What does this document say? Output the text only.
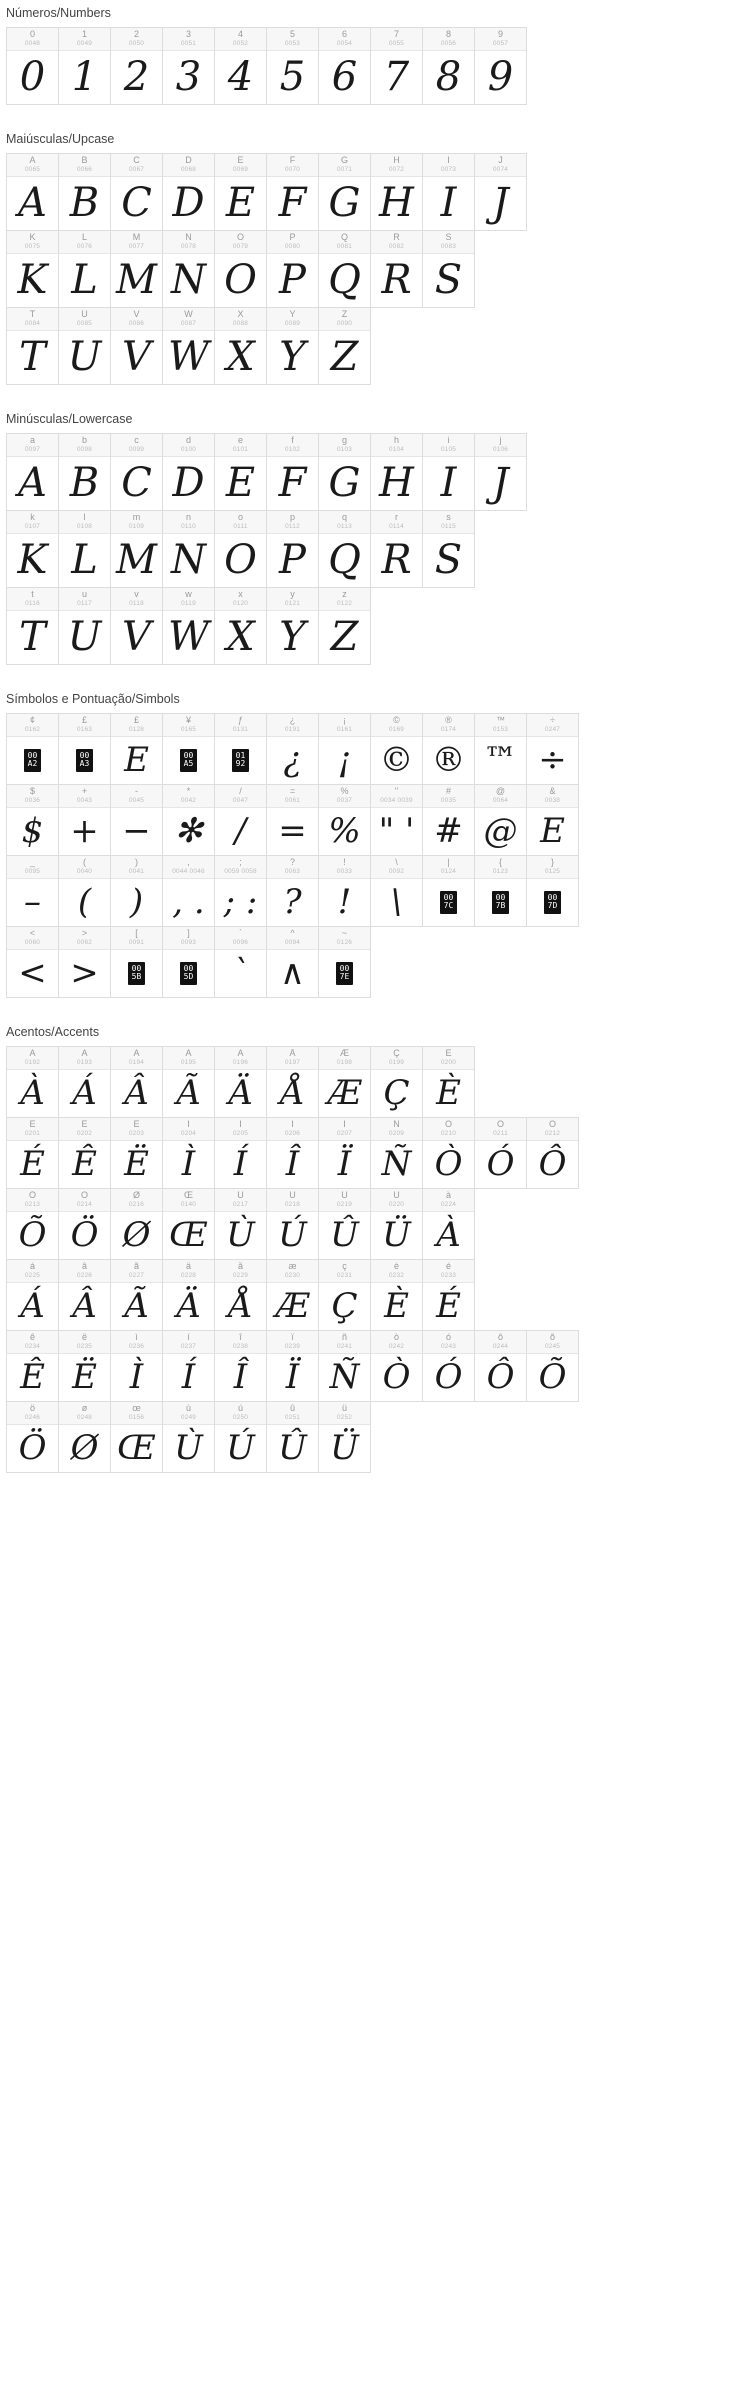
Números/Numbers
0
0048
0
1
0049
1
2
0050
2
3
0051
3
4
0052
4
5
0053
5
6
0054
6
7
0055
7
8
0056
8
9
0057
9
Maiúsculas/Upcase
A
0065
A
B
0066
B
C
0067
C
D
0068
D
E
0069
E
F
0070
F
G
0071
G
H
0072
H
I
0073
I
J
0074
J
K
0075
K
L
0076
L
M
0077
M
N
0078
N
O
0079
O
P
0080
P
Q
0081
Q
R
0082
R
S
0083
S
T
0084
T
U
0085
U
V
0086
V
W
0087
W
X
0088
X
Y
0089
Y
Z
0090
Z
Minúsculas/Lowercase
a
0097
A
b
0098
B
c
0099
C
d
0100
D
e
0101
E
f
0102
F
g
0103
G
h
0104
H
i
0105
I
j
0106
J
k
0107
K
l
0108
L
m
0109
M
n
0110
N
o
0111
O
p
0112
P
q
0113
Q
r
0114
R
s
0115
S
t
0116
T
u
0117
U
v
0118
V
w
0119
W
x
0120
X
y
0121
Y
z
0122
Z
Símbolos e Pontuação/Simbols
¢
0162
00
A2
£
0163
00
A3
£
0128
E
¥
0165
00
A5
ƒ
0131
01
92
¿
0191
¿
¡
0161
¡
©
0169
©
®
0174
®
™
0153
™
÷
0247
÷
$
0036
$
+
0043
+
-
0045
−
*
0042
✻
/
0047
/
=
0061
=
%
0037
%
"
0034 0039
" '
#
0035
#
@
0064
@
&
0038
E
_
0095
–
(
0040
(
)
0041
)
,
0044 0046
, .
;
0059 0058
; :
?
0063
?
!
0033
!
\
0092
\
|
0124
00
7C
{
0123
00
7B
}
0125
00
7D
<
0060
<
>
0062
>
[
0091
00
5B
]
0093
00
5D
`
0096
`
^
0094
∧
~
0126
00
7E
Acentos/Accents
À
0192
À
Á
0193
Á
Â
0194
Â
Ã
0195
Ã
Ä
0196
Ä
Å
0197
Å
Æ
0198
Æ
Ç
0199
Ç
È
0200
È
É
0201
É
Ê
0202
Ê
Ë
0203
Ë
Ì
0204
Ì
Í
0205
Í
Î
0206
Î
Ï
0207
Ï
Ñ
0209
Ñ
Ò
0210
Ò
Ó
0211
Ó
Ô
0212
Ô
Õ
0213
Õ
Ö
0214
Ö
Ø
0216
Ø
Œ
0140
Œ
Ù
0217
Ù
Ú
0218
Ú
Û
0219
Û
Ü
0220
Ü
à
0224
À
á
0225
Á
â
0226
Â
ã
0227
Ã
ä
0228
Ä
å
0229
Å
æ
0230
Æ
ç
0231
Ç
è
0232
È
é
0233
É
ê
0234
Ê
ë
0235
Ë
ì
0236
Ì
í
0237
Í
î
0238
Î
ï
0239
Ï
ñ
0241
Ñ
ò
0242
Ò
ó
0243
Ó
ô
0244
Ô
õ
0245
Õ
ö
0246
Ö
ø
0248
Ø
œ
0156
Œ
ù
0249
Ù
ú
0250
Ú
û
0251
Û
ü
0252
Ü
